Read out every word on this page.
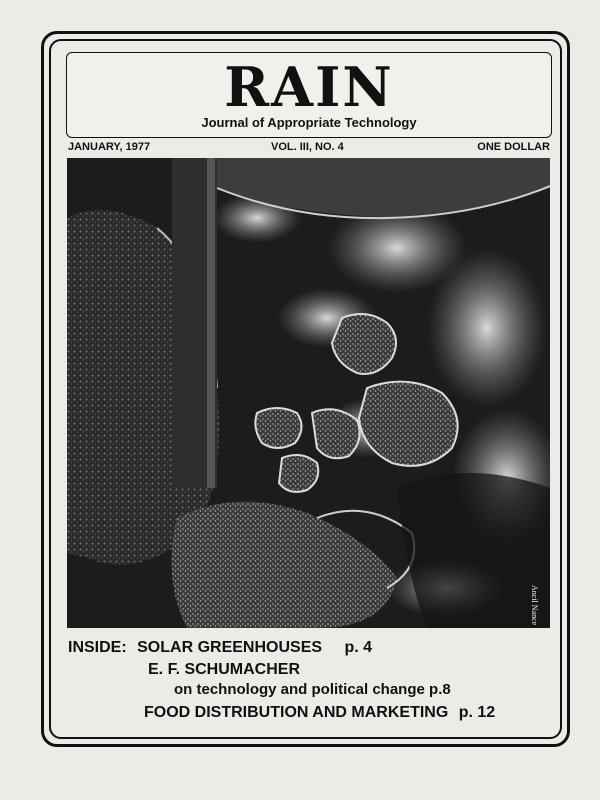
RAIN
Journal of Appropriate Technology
JANUARY, 1977	VOL. III, NO. 4	ONE DOLLAR
Ancil Nance
INSIDE: SOLAR GREENHOUSES p. 4
E. F. SCHUMACHER
on technology and political change p.8
FOOD DISTRIBUTION AND MARKETING p. 12
